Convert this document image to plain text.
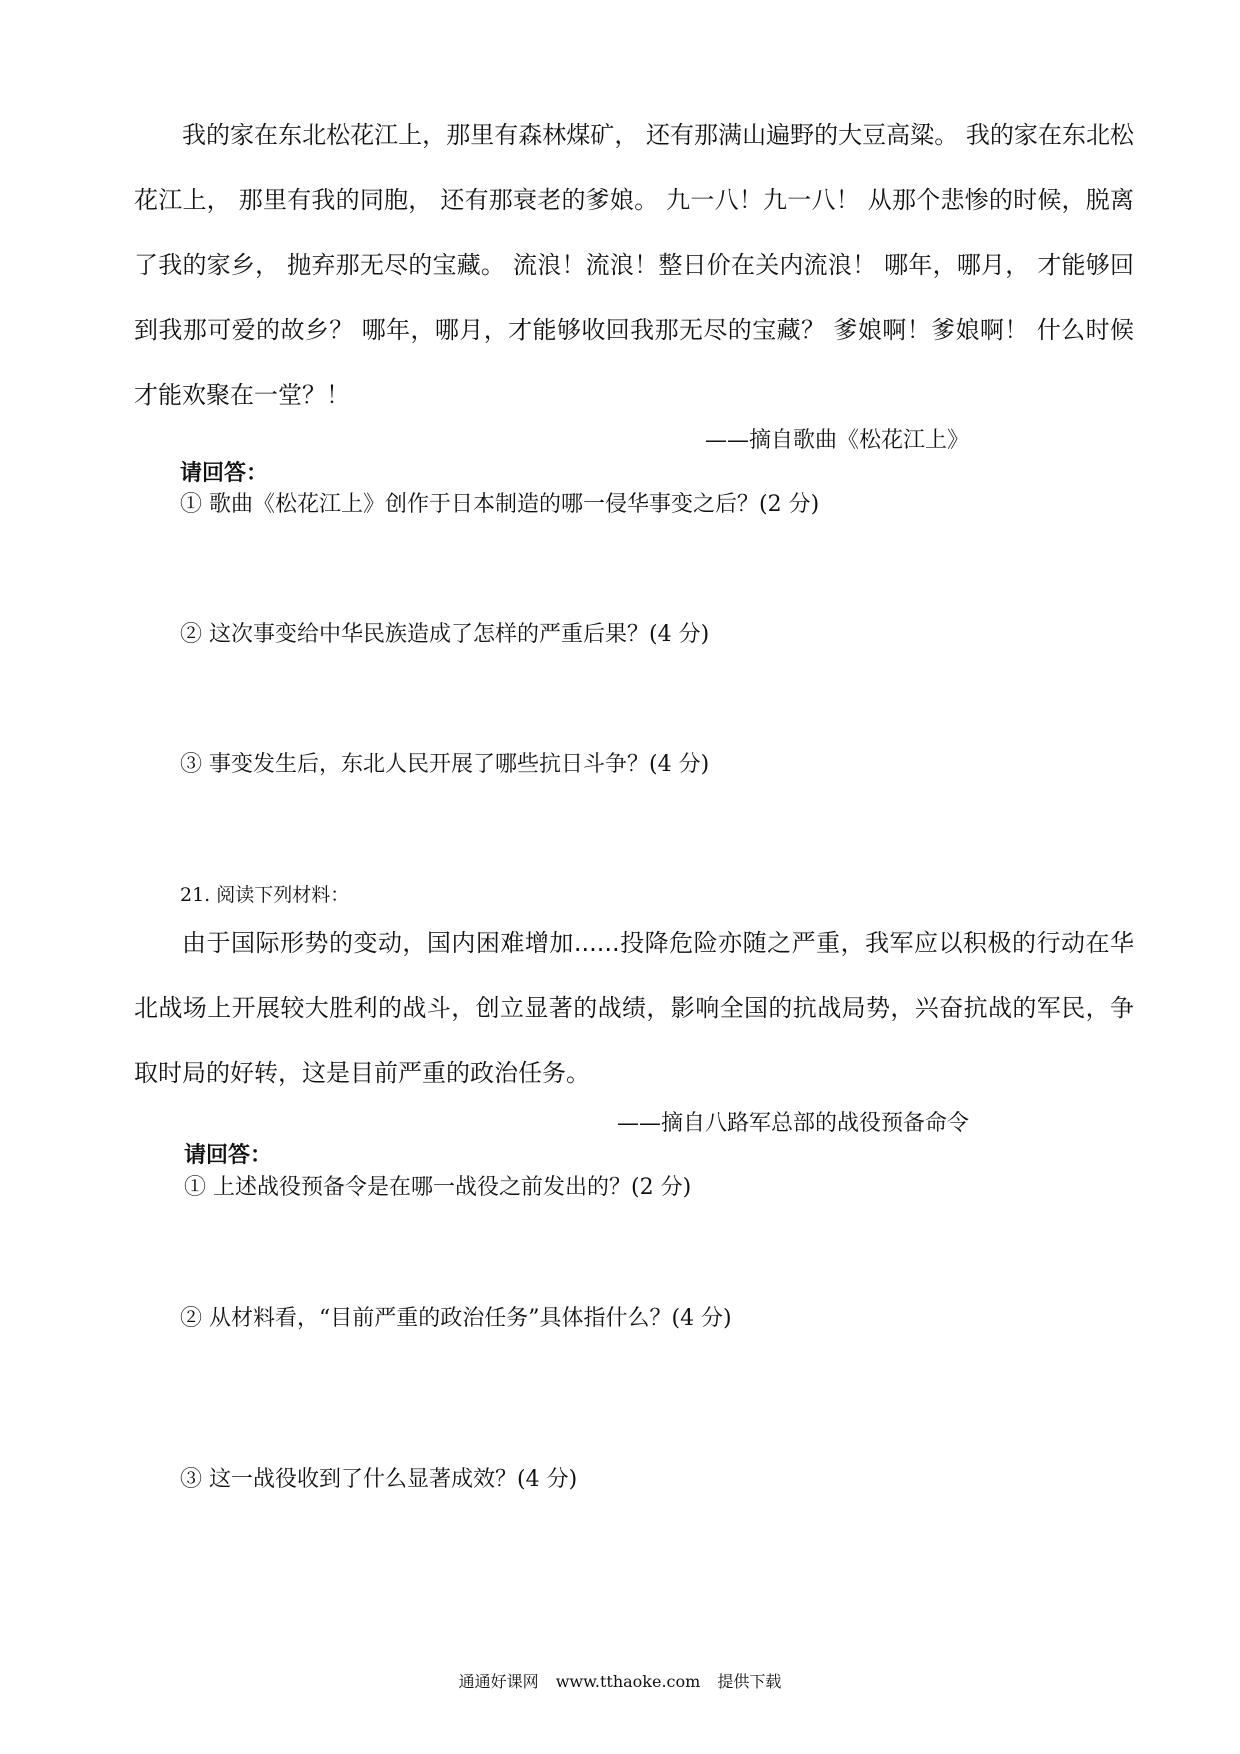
我的家在东北松花江上，那里有森林煤矿， 还有那满山遍野的大豆高粱。 我的家在东北松花江上， 那里有我的同胞， 还有那衰老的爹娘。 九一八！九一八！ 从那个悲惨的时候，脱离了我的家乡， 抛弃那无尽的宝藏。 流浪！流浪！整日价在关内流浪！ 哪年，哪月， 才能够回到我那可爱的故乡？ 哪年，哪月，才能够收回我那无尽的宝藏？ 爹娘啊！爹娘啊！ 什么时候才能欢聚在一堂？！

——摘自歌曲《松花江上》

请回答：

① 歌曲《松花江上》创作于日本制造的哪一侵华事变之后？(2 分)

② 这次事变给中华民族造成了怎样的严重后果？(4 分)

③ 事变发生后，东北人民开展了哪些抗日斗争？(4 分)

21. 阅读下列材料：

由于国际形势的变动，国内困难增加......投降危险亦随之严重，我军应以积极的行动在华北战场上开展较大胜利的战斗，创立显著的战绩，影响全国的抗战局势，兴奋抗战的军民，争取时局的好转，这是目前严重的政治任务。

——摘自八路军总部的战役预备命令

请回答：

① 上述战役预备令是在哪一战役之前发出的？(2 分)

② 从材料看，“目前严重的政治任务”具体指什么？(4 分)

③ 这一战役收到了什么显著成效？(4 分)

通通好课网 www.tthaoke.com 提供下载
